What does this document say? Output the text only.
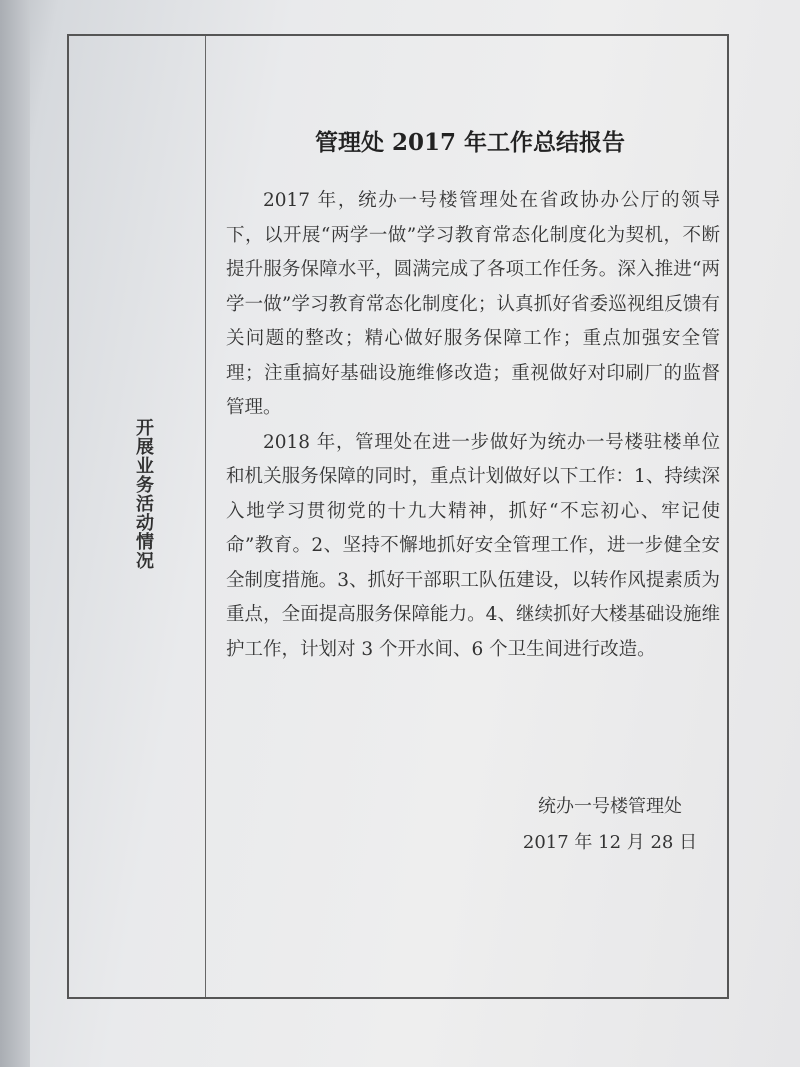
开展业务活动情况
管理处 2017 年工作总结报告

2017 年，统办一号楼管理处在省政协办公厅的领导下，以开展“两学一做”学习教育常态化制度化为契机，不断提升服务保障水平，圆满完成了各项工作任务。深入推进“两学一做”学习教育常态化制度化；认真抓好省委巡视组反馈有关问题的整改；精心做好服务保障工作；重点加强安全管理；注重搞好基础设施维修改造；重视做好对印刷厂的监督管理。

2018 年，管理处在进一步做好为统办一号楼驻楼单位和机关服务保障的同时，重点计划做好以下工作：1、持续深入地学习贯彻党的十九大精神，抓好“不忘初心、牢记使命”教育。2、坚持不懈地抓好安全管理工作，进一步健全安全制度措施。3、抓好干部职工队伍建设，以转作风提素质为重点，全面提高服务保障能力。4、继续抓好大楼基础设施维护工作，计划对 3 个开水间、6 个卫生间进行改造。

统办一号楼管理处
2017 年 12 月 28 日
